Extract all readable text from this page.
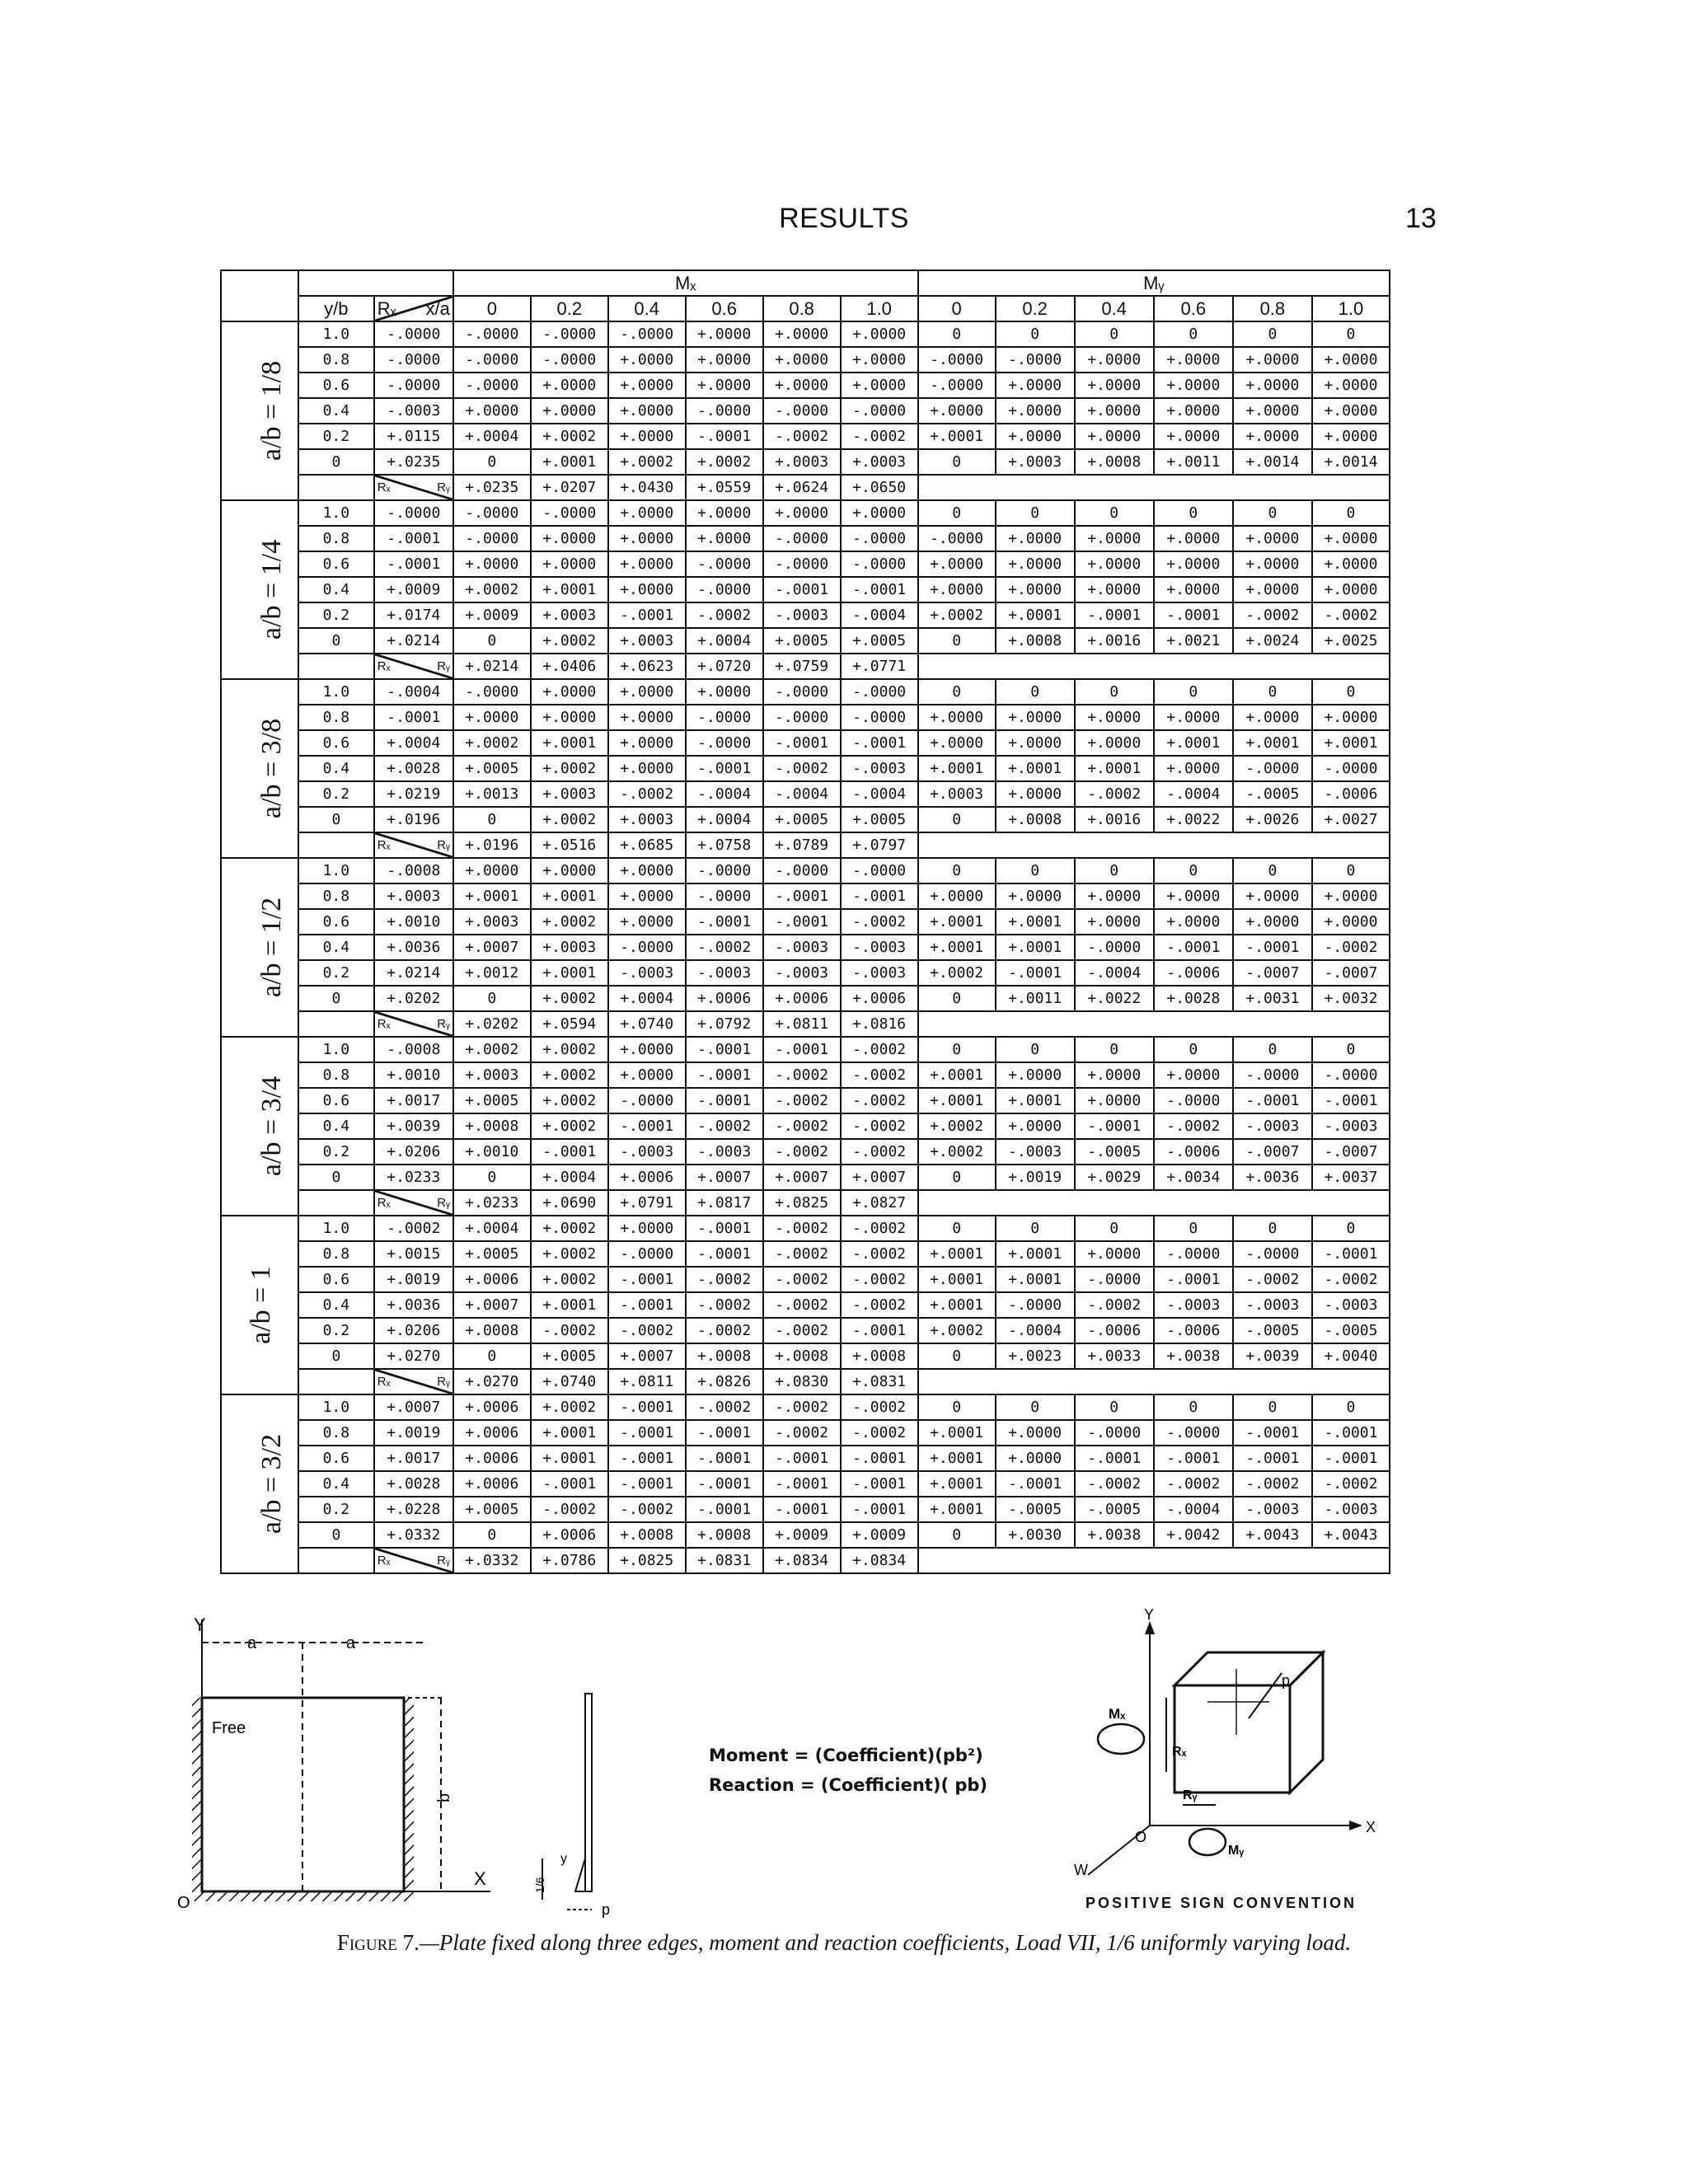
RESULTS	13
			Mₓ						Mᵧ					
	y/b	Rₓ x/a	0	0.2	0.4	0.6	0.8	1.0	0	0.2	0.4	0.6	0.8	1.0
a/b = 1/8	1.0	-.0000	-.0000	-.0000	-.0000	+.0000	+.0000	+.0000	0	0	0	0	0	0
	0.8	-.0000	-.0000	-.0000	+.0000	+.0000	+.0000	+.0000	-.0000	-.0000	+.0000	+.0000	+.0000	+.0000
	0.6	-.0000	-.0000	+.0000	+.0000	+.0000	+.0000	+.0000	-.0000	+.0000	+.0000	+.0000	+.0000	+.0000
	0.4	-.0003	+.0000	+.0000	+.0000	-.0000	-.0000	-.0000	+.0000	+.0000	+.0000	+.0000	+.0000	+.0000
	0.2	+.0115	+.0004	+.0002	+.0000	-.0001	-.0002	-.0002	+.0001	+.0000	+.0000	+.0000	+.0000	+.0000
	0	+.0235	0	+.0001	+.0002	+.0002	+.0003	+.0003	0	+.0003	+.0008	+.0011	+.0014	+.0014

		Rₓ Rᵧ	+.0235	+.0207	+.0430	+.0559	+.0624	+.0650						
a/b = 1/4	1.0	-.0000	-.0000	-.0000	+.0000	+.0000	+.0000	+.0000	0	0	0	0	0	0
	0.8	-.0001	-.0000	+.0000	+.0000	+.0000	-.0000	-.0000	-.0000	+.0000	+.0000	+.0000	+.0000	+.0000
	0.6	-.0001	+.0000	+.0000	+.0000	-.0000	-.0000	-.0000	+.0000	+.0000	+.0000	+.0000	+.0000	+.0000
	0.4	+.0009	+.0002	+.0001	+.0000	-.0000	-.0001	-.0001	+.0000	+.0000	+.0000	+.0000	+.0000	+.0000
	0.2	+.0174	+.0009	+.0003	-.0001	-.0002	-.0003	-.0004	+.0002	+.0001	-.0001	-.0001	-.0002	-.0002
	0	+.0214	0	+.0002	+.0003	+.0004	+.0005	+.0005	0	+.0008	+.0016	+.0021	+.0024	+.0025

		Rₓ Rᵧ	+.0214	+.0406	+.0623	+.0720	+.0759	+.0771						
a/b = 3/8	1.0	-.0004	-.0000	+.0000	+.0000	+.0000	-.0000	-.0000	0	0	0	0	0	0
	0.8	-.0001	+.0000	+.0000	+.0000	-.0000	-.0000	-.0000	+.0000	+.0000	+.0000	+.0000	+.0000	+.0000
	0.6	+.0004	+.0002	+.0001	+.0000	-.0000	-.0001	-.0001	+.0000	+.0000	+.0000	+.0001	+.0001	+.0001
	0.4	+.0028	+.0005	+.0002	+.0000	-.0001	-.0002	-.0003	+.0001	+.0001	+.0001	+.0000	-.0000	-.0000
	0.2	+.0219	+.0013	+.0003	-.0002	-.0004	-.0004	-.0004	+.0003	+.0000	-.0002	-.0004	-.0005	-.0006
	0	+.0196	0	+.0002	+.0003	+.0004	+.0005	+.0005	0	+.0008	+.0016	+.0022	+.0026	+.0027

		Rₓ Rᵧ	+.0196	+.0516	+.0685	+.0758	+.0789	+.0797						
a/b = 1/2	1.0	-.0008	+.0000	+.0000	+.0000	-.0000	-.0000	-.0000	0	0	0	0	0	0
	0.8	+.0003	+.0001	+.0001	+.0000	-.0000	-.0001	-.0001	+.0000	+.0000	+.0000	+.0000	+.0000	+.0000
	0.6	+.0010	+.0003	+.0002	+.0000	-.0001	-.0001	-.0002	+.0001	+.0001	+.0000	+.0000	+.0000	+.0000
	0.4	+.0036	+.0007	+.0003	-.0000	-.0002	-.0003	-.0003	+.0001	+.0001	-.0000	-.0001	-.0001	-.0002
	0.2	+.0214	+.0012	+.0001	-.0003	-.0003	-.0003	-.0003	+.0002	-.0001	-.0004	-.0006	-.0007	-.0007
	0	+.0202	0	+.0002	+.0004	+.0006	+.0006	+.0006	0	+.0011	+.0022	+.0028	+.0031	+.0032

		Rₓ Rᵧ	+.0202	+.0594	+.0740	+.0792	+.0811	+.0816						
a/b = 3/4	1.0	-.0008	+.0002	+.0002	+.0000	-.0001	-.0001	-.0002	0	0	0	0	0	0
	0.8	+.0010	+.0003	+.0002	+.0000	-.0001	-.0002	-.0002	+.0001	+.0000	+.0000	+.0000	-.0000	-.0000
	0.6	+.0017	+.0005	+.0002	-.0000	-.0001	-.0002	-.0002	+.0001	+.0001	+.0000	-.0000	-.0001	-.0001
	0.4	+.0039	+.0008	+.0002	-.0001	-.0002	-.0002	-.0002	+.0002	+.0000	-.0001	-.0002	-.0003	-.0003
	0.2	+.0206	+.0010	-.0001	-.0003	-.0003	-.0002	-.0002	+.0002	-.0003	-.0005	-.0006	-.0007	-.0007
	0	+.0233	0	+.0004	+.0006	+.0007	+.0007	+.0007	0	+.0019	+.0029	+.0034	+.0036	+.0037

		Rₓ Rᵧ	+.0233	+.0690	+.0791	+.0817	+.0825	+.0827						
a/b = 1	1.0	-.0002	+.0004	+.0002	+.0000	-.0001	-.0002	-.0002	0	0	0	0	0	0
	0.8	+.0015	+.0005	+.0002	-.0000	-.0001	-.0002	-.0002	+.0001	+.0001	+.0000	-.0000	-.0000	-.0001
	0.6	+.0019	+.0006	+.0002	-.0001	-.0002	-.0002	-.0002	+.0001	+.0001	-.0000	-.0001	-.0002	-.0002
	0.4	+.0036	+.0007	+.0001	-.0001	-.0002	-.0002	-.0002	+.0001	-.0000	-.0002	-.0003	-.0003	-.0003
	0.2	+.0206	+.0008	-.0002	-.0002	-.0002	-.0002	-.0001	+.0002	-.0004	-.0006	-.0006	-.0005	-.0005
	0	+.0270	0	+.0005	+.0007	+.0008	+.0008	+.0008	0	+.0023	+.0033	+.0038	+.0039	+.0040

		Rₓ Rᵧ	+.0270	+.0740	+.0811	+.0826	+.0830	+.0831						
a/b = 3/2	1.0	+.0007	+.0006	+.0002	-.0001	-.0002	-.0002	-.0002	0	0	0	0	0	0
	0.8	+.0019	+.0006	+.0001	-.0001	-.0001	-.0002	-.0002	+.0001	+.0000	-.0000	-.0000	-.0001	-.0001
	0.6	+.0017	+.0006	+.0001	-.0001	-.0001	-.0001	-.0001	+.0001	+.0000	-.0001	-.0001	-.0001	-.0001
	0.4	+.0028	+.0006	-.0001	-.0001	-.0001	-.0001	-.0001	+.0001	-.0001	-.0002	-.0002	-.0002	-.0002
	0.2	+.0228	+.0005	-.0002	-.0002	-.0001	-.0001	-.0001	+.0001	-.0005	-.0005	-.0004	-.0003	-.0003
	0	+.0332	0	+.0006	+.0008	+.0008	+.0009	+.0009	0	+.0030	+.0038	+.0042	+.0043	+.0043

		Rₓ Rᵧ	+.0332	+.0786	+.0825	+.0831	+.0834	+.0834						
Y
X
O
a	a
Free
b
1/6
y
p
Moment = (Coefficient)(pb²)
Reaction = (Coefficient)( pb)
Y
X
W
O
p
Mₓ
Rₓ
Rᵧ
Mᵧ
POSITIVE SIGN CONVENTION
Figure 7.—Plate fixed along three edges, moment and reaction coefficients, Load VII, 1/6 uniformly varying load.
